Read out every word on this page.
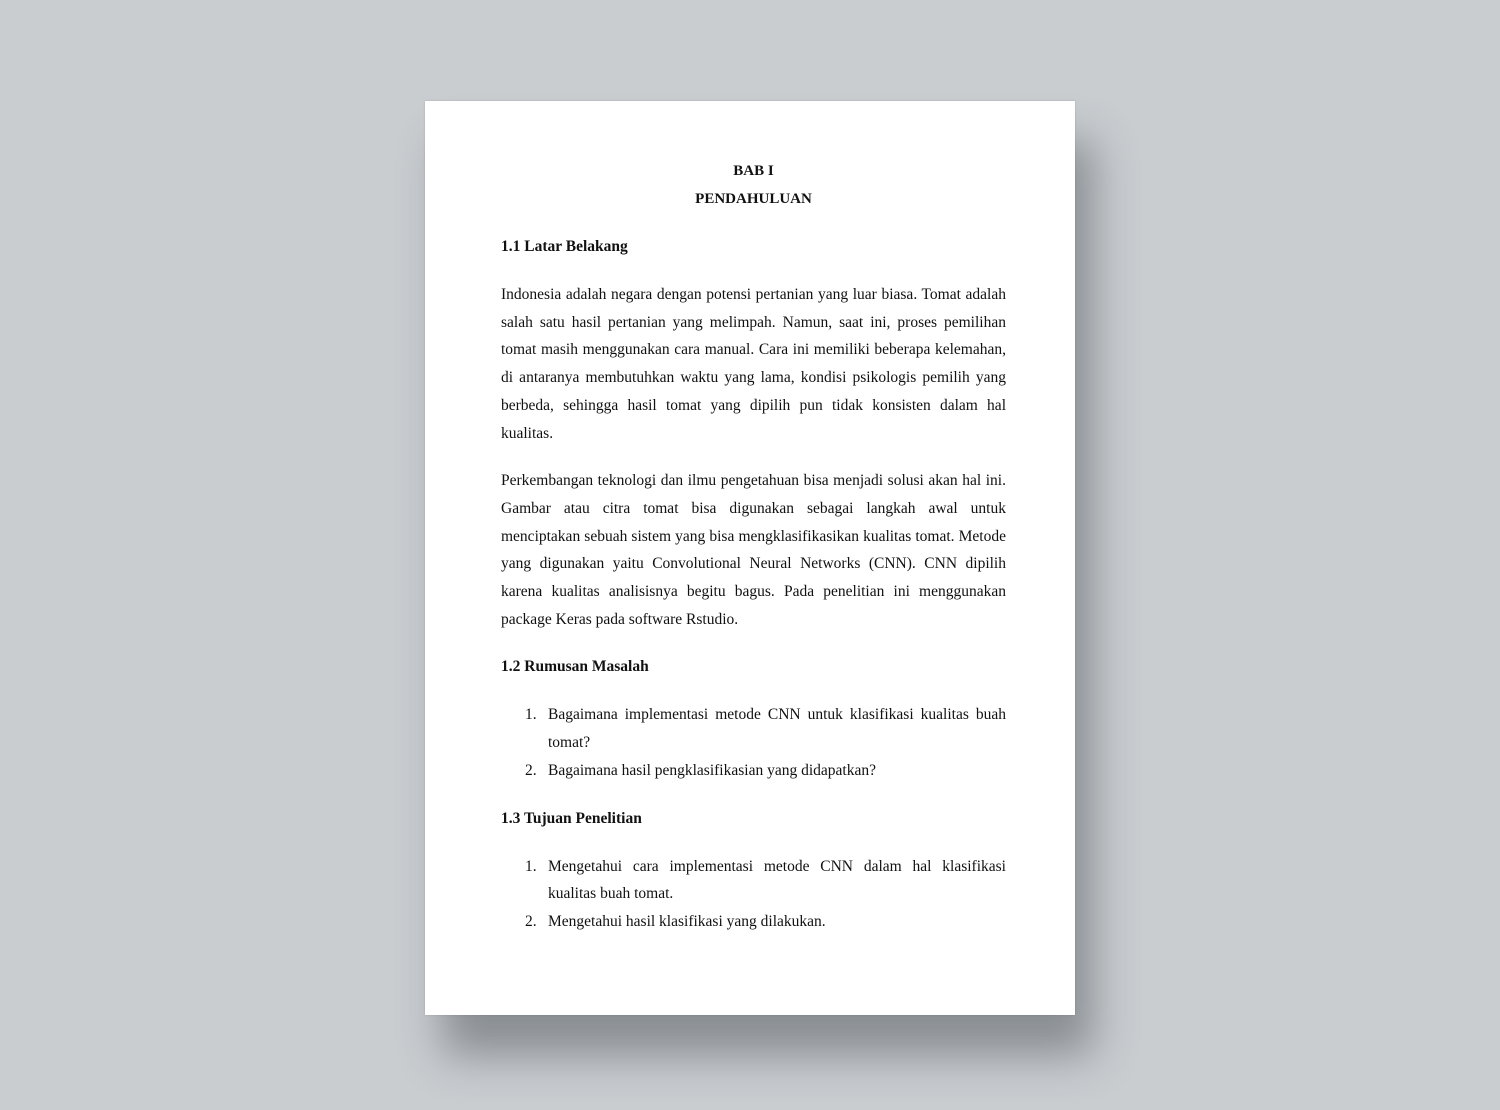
BAB I
PENDAHULUAN
1.1 Latar Belakang

Indonesia adalah negara dengan potensi pertanian yang luar biasa. Tomat adalah salah satu hasil pertanian yang melimpah. Namun, saat ini, proses pemilihan tomat masih menggunakan cara manual. Cara ini memiliki beberapa kelemahan, di antaranya membutuhkan waktu yang lama, kondisi psikologis pemilih yang berbeda, sehingga hasil tomat yang dipilih pun tidak konsisten dalam hal kualitas.

Perkembangan teknologi dan ilmu pengetahuan bisa menjadi solusi akan hal ini. Gambar atau citra tomat bisa digunakan sebagai langkah awal untuk menciptakan sebuah sistem yang bisa mengklasifikasikan kualitas tomat. Metode yang digunakan yaitu Convolutional Neural Networks (CNN). CNN dipilih karena kualitas analisisnya begitu bagus. Pada penelitian ini menggunakan package Keras pada software Rstudio.

1.2 Rumusan Masalah
1. Bagaimana implementasi metode CNN untuk klasifikasi kualitas buah tomat?
2. Bagaimana hasil pengklasifikasian yang didapatkan?
1.3 Tujuan Penelitian
1. Mengetahui cara implementasi metode CNN dalam hal klasifikasi kualitas buah tomat.
2. Mengetahui hasil klasifikasi yang dilakukan.
